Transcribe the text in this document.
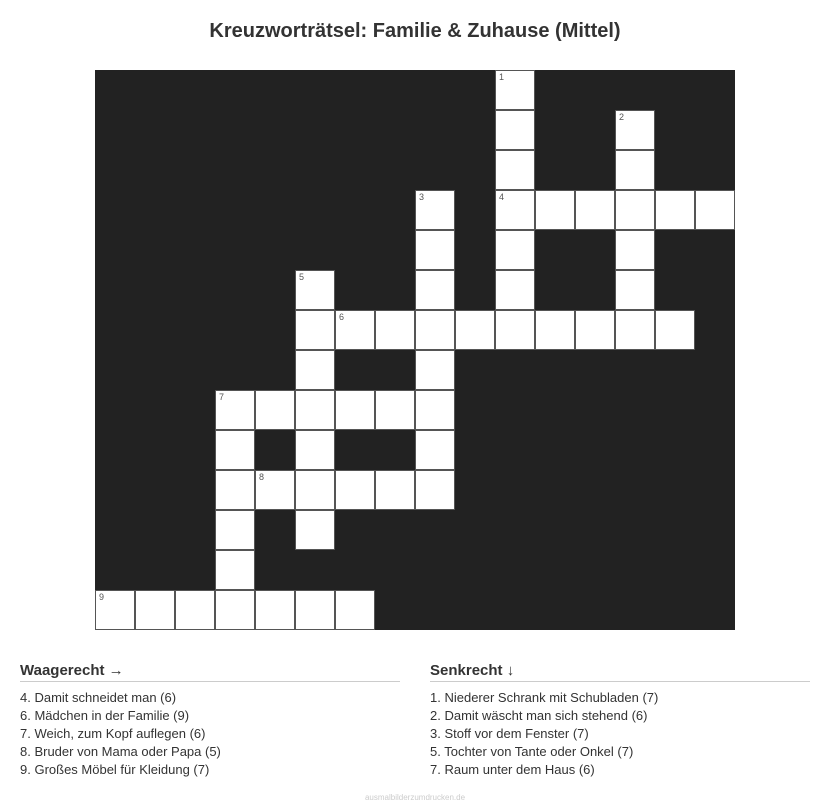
Kreuzworträtsel: Familie & Zuhause (Mittel)
1
4
2
3
5
6
7
8
9
Waagerecht →
4. Damit schneidet man (6)
6. Mädchen in der Familie (9)
7. Weich, zum Kopf auflegen (6)
8. Bruder von Mama oder Papa (5)
9. Großes Möbel für Kleidung (7)
Senkrecht ↓
1. Niederer Schrank mit Schubladen (7)
2. Damit wäscht man sich stehend (6)
3. Stoff vor dem Fenster (7)
5. Tochter von Tante oder Onkel (7)
7. Raum unter dem Haus (6)
ausmalbilderzumdrucken.de
